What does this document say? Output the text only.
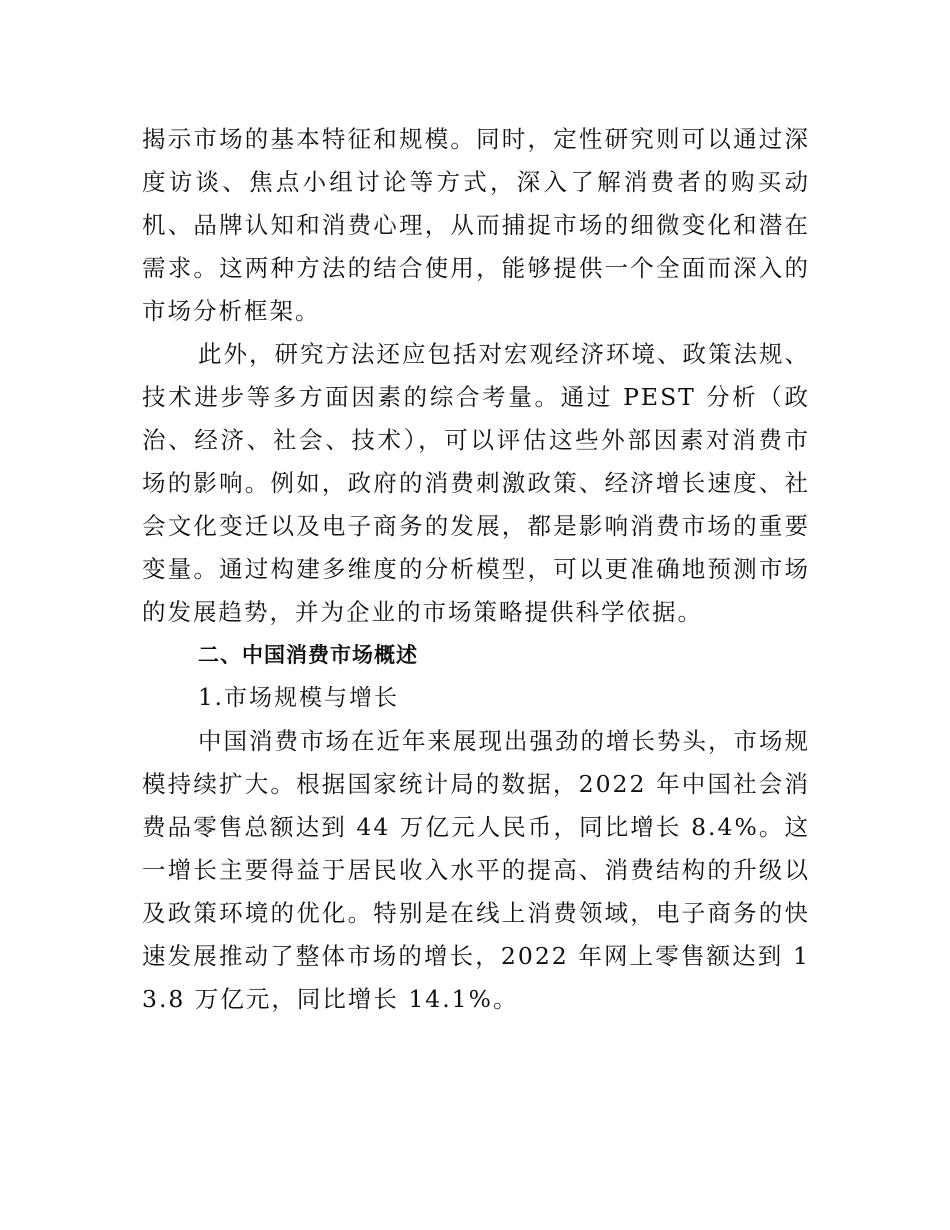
揭示市场的基本特征和规模。同时，定性研究则可以通过深度访谈、焦点小组讨论等方式，深入了解消费者的购买动机、品牌认知和消费心理，从而捕捉市场的细微变化和潜在需求。这两种方法的结合使用，能够提供一个全面而深入的市场分析框架。

此外，研究方法还应包括对宏观经济环境、政策法规、技术进步等多方面因素的综合考量。通过 PEST 分析（政治、经济、社会、技术），可以评估这些外部因素对消费市场的影响。例如，政府的消费刺激政策、经济增长速度、社会文化变迁以及电子商务的发展，都是影响消费市场的重要变量。通过构建多维度的分析模型，可以更准确地预测市场的发展趋势，并为企业的市场策略提供科学依据。

二、中国消费市场概述

1.市场规模与增长

中国消费市场在近年来展现出强劲的增长势头，市场规模持续扩大。根据国家统计局的数据，2022 年中国社会消费品零售总额达到 44 万亿元人民币，同比增长 8.4%。这一增长主要得益于居民收入水平的提高、消费结构的升级以及政策环境的优化。特别是在线上消费领域，电子商务的快速发展推动了整体市场的增长，2022 年网上零售额达到 13.8 万亿元，同比增长 14.1%。
